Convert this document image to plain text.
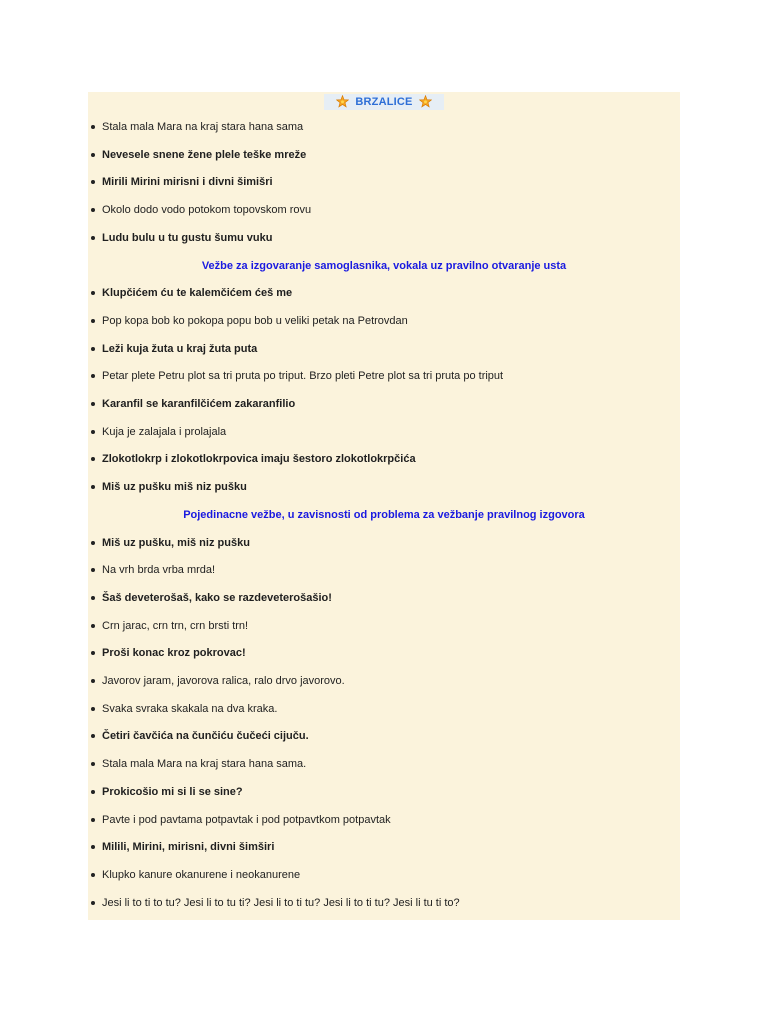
BRZALICE
Stala mala Mara na kraj stara hana sama
Nevesele snene žene plele teške mreže
Mirili Mirini mirisni i divni šimišri
Okolo dodo vodo potokom topovskom rovu
Ludu bulu u tu gustu šumu vuku
Klupčićem ću te kalemčićem ćeš me
Pop kopa bob ko pokopa popu bob u veliki petak na Petrovdan
Leži kuja žuta u kraj žuta puta
Petar plete Petru plot sa tri pruta po triput. Brzo pleti Petre plot sa tri pruta po triput
Karanfil se karanfilčićem zakaranfilio
Kuja je zalajala i prolajala
Zlokotlokrp i zlokotlokrpovica imaju šestoro zlokotlokrpčića
Miš uz pušku miš niz pušku
Miš uz pušku, miš niz pušku
Na vrh brda vrba mrda!
Šaš deveterošaš, kako se razdeveterošašio!
Crn jarac, crn trn, crn brsti trn!
Proši konac kroz pokrovac!
Javorov jaram, javorova ralica, ralo drvo javorovo.
Svaka svraka skakala na dva kraka.
Četiri čavčića na čunčiću čučeći cijuču.
Stala mala Mara na kraj stara hana sama.
Prokicošio mi si li se sine?
Pavte i pod pavtama potpavtak i pod potpavtkom potpavtak
Milili, Mirini, mirisni, divni šimširi
Klupko kanure okanurene i neokanurene
Jesi li to ti to tu? Jesi li to tu ti? Jesi li to ti tu? Jesi li to ti tu? Jesi li tu ti to?
Vežbe za izgovaranje samoglasnika, vokala uz pravilno otvaranje usta
Pojedinacne vežbe, u zavisnosti od problema za vežbanje pravilnog izgovora
